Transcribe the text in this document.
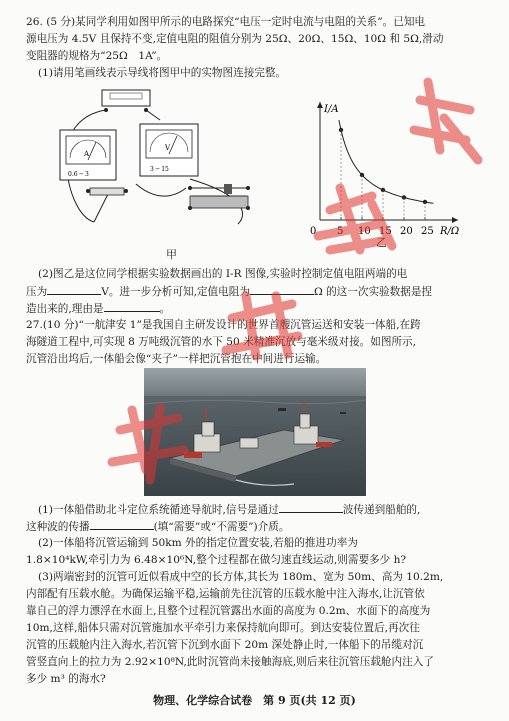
26. (5 分)某同学利用如图甲所示的电路探究“电压一定时电流与电阻的关系”。已知电
源电压为 4.5V 且保持不变,定值电阻的阻值分别为 25Ω、20Ω、15Ω、10Ω 和 5Ω,滑动
变阻器的规格为“25Ω　1A”。
(1)请用笔画线表示导线将图甲中的实物图连接完整。
A
0.6 ─ 3
V
3 ─ 15
I/A
R/Ω
0 5 10 15 20 25
甲
乙
(2)图乙是这位同学根据实验数据画出的 I-R 图像,实验时控制定值电阻两端的电
压为	V。进一步分析可知,定值电阻为	Ω 的这一次实验数据是捏
造出来的,理由是	。
27.(10 分)“一航津安 1”是我国自主研发设计的世界首艘沉管运送和安装一体船,在跨
海隧道工程中,可实现 8 万吨级沉管的水下 50 米精准沉放与毫米级对接。如图所示,
沉管沿出坞后,一体船会像“夹子”一样把沉管抱在中间进行运输。
(1)一体船借助北斗定位系统循迹导航时,信号是通过	波传递到船舶的,
这种波的传播	(填“需要”或“不需要”)介质。
(2)一体船将沉管运输到 50km 外的指定位置安装,若船的推进功率为
1.8×10⁴kW,牵引力为 6.48×10⁶N,整个过程都在做匀速直线运动,则需要多少 h?
(3)两端密封的沉管可近似看成中空的长方体,其长为 180m、宽为 50m、高为 10.2m,
内部配有压载水舱。为确保运输平稳,运输前先往沉管的压载水舱中注入海水,让沉管依
靠自己的浮力漂浮在水面上,且整个过程沉管露出水面的高度为 0.2m、水面下的高度为
10m,这样,船体只需对沉管施加水平牵引力来保持航向即可。到达安装位置后,再次往
沉管的压载舱内注入海水,若沉管下沉到水面下 20m 深处静止时,一体船下的吊缆对沉
管竖直向上的拉力为 2.92×10⁸N,此时沉管尚未接触海底,则后来往沉管压载舱内注入了
多少 m³ 的海水?
物理、化学综合试卷　第 9 页(共 12 页)
